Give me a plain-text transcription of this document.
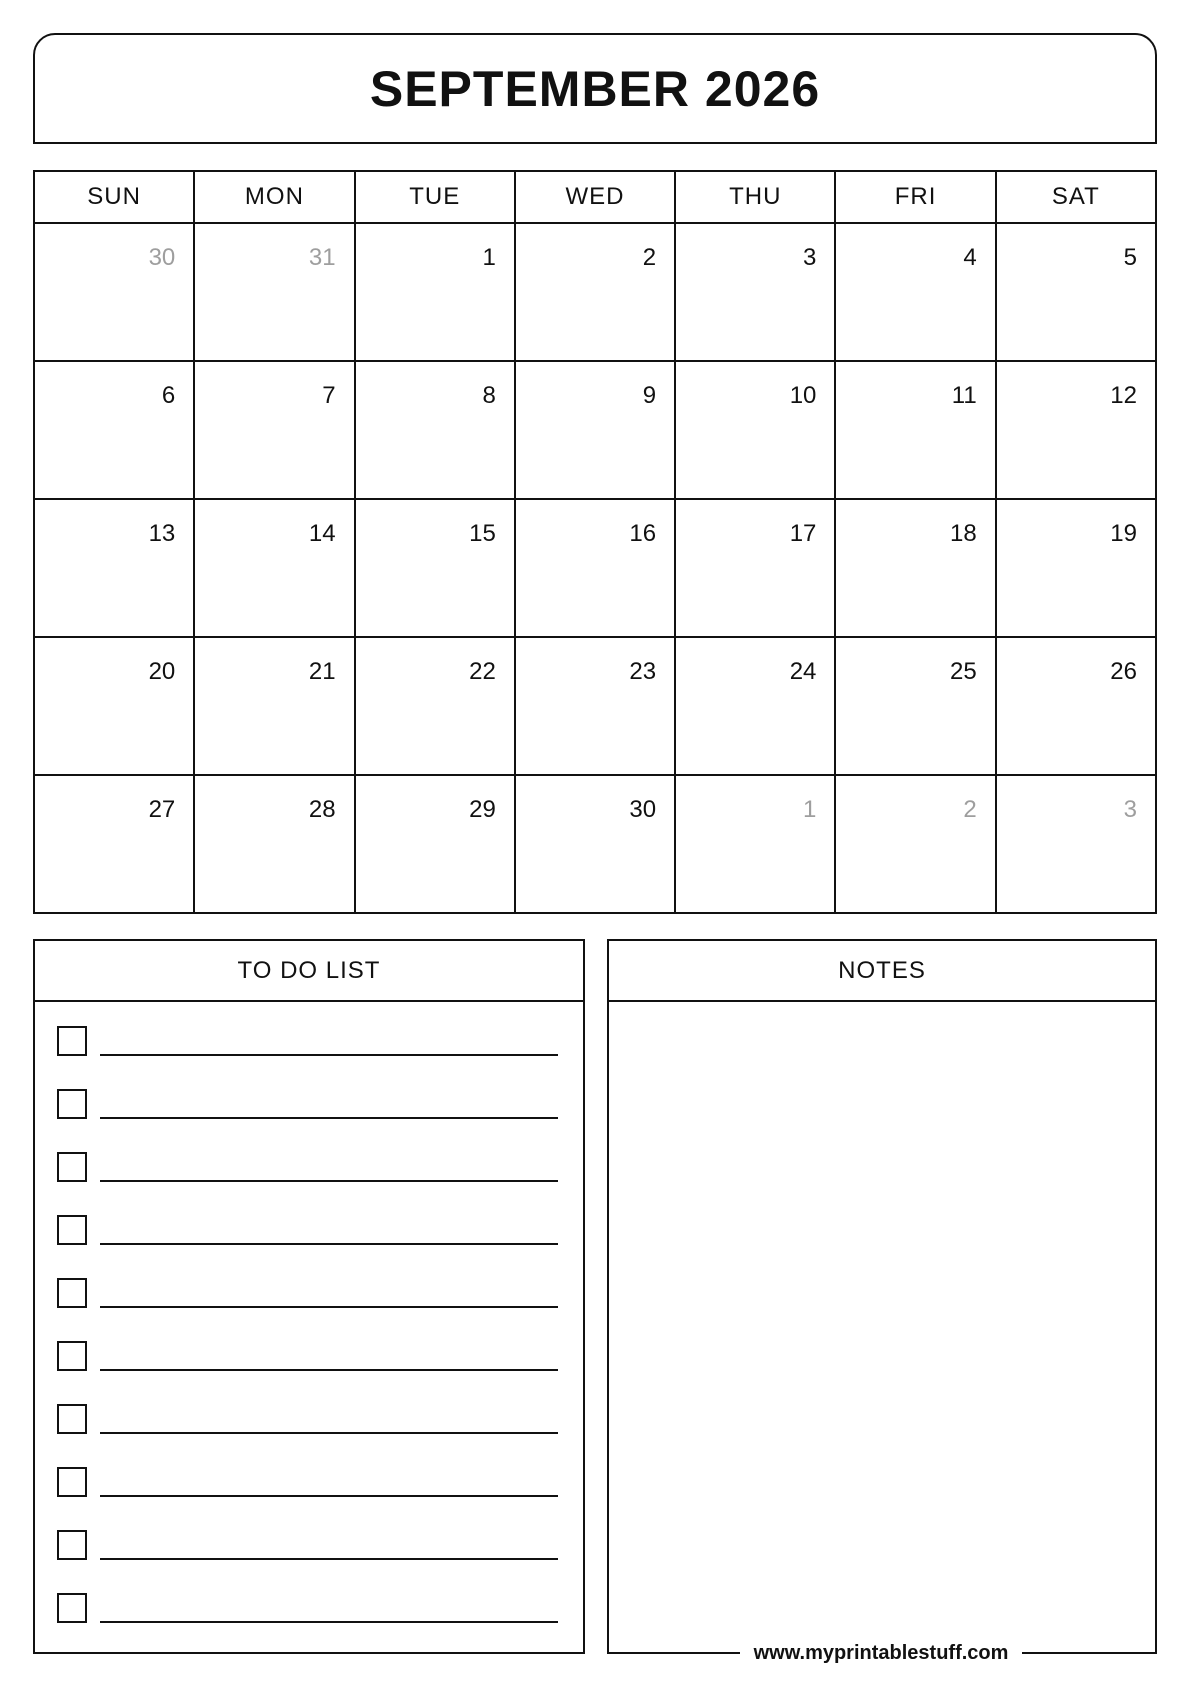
SEPTEMBER 2026
SUN	MON	TUE	WED	THU	FRI	SAT
30	31	1	2	3	4	5
6	7	8	9	10	11	12
13	14	15	16	17	18	19
20	21	22	23	24	25	26
27	28	29	30	1	2	3
TO DO LIST	NOTES
www.myprintablestuff.com
